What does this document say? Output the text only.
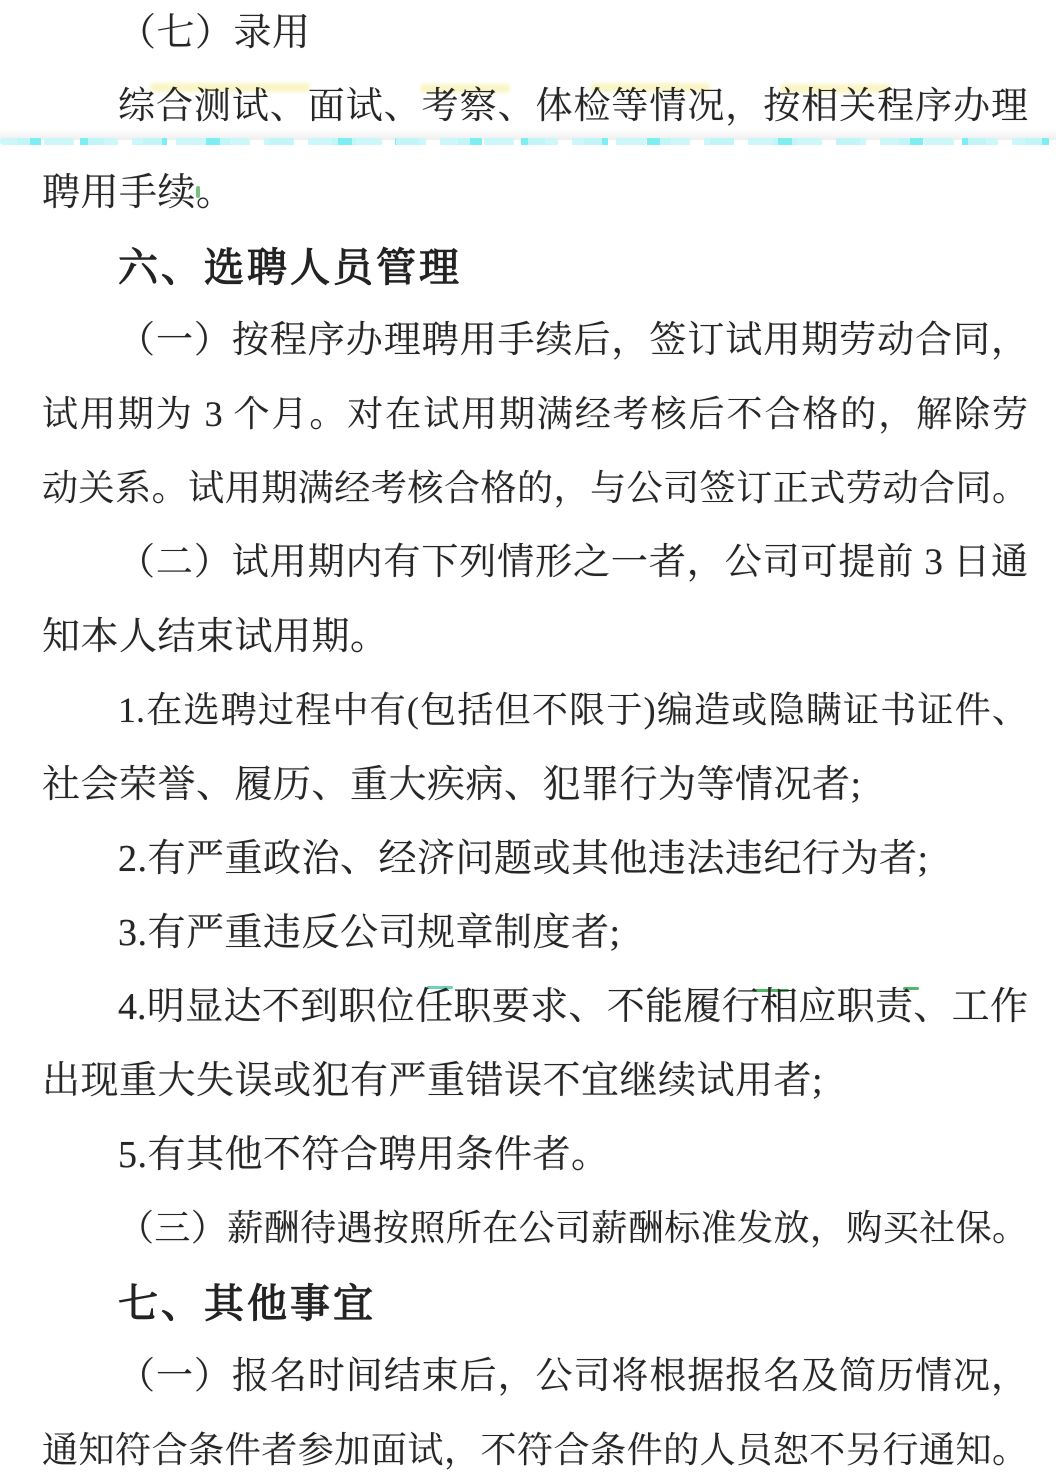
（七）录用
综合测试、面试、考察、体检等情况，按相关程序办理
聘用手续。
六、选聘人员管理
（一）按程序办理聘用手续后，签订试用期劳动合同，
试用期为 3 个月。对在试用期满经考核后不合格的，解除劳
动关系。试用期满经考核合格的，与公司签订正式劳动合同。
（二）试用期内有下列情形之一者，公司可提前 3 日通
知本人结束试用期。
1.在选聘过程中有(包括但不限于)编造或隐瞒证书证件、
社会荣誉、履历、重大疾病、犯罪行为等情况者;
2.有严重政治、经济问题或其他违法违纪行为者;
3.有严重违反公司规章制度者;
4.明显达不到职位任职要求、不能履行相应职责、工作
出现重大失误或犯有严重错误不宜继续试用者;
5.有其他不符合聘用条件者。
（三）薪酬待遇按照所在公司薪酬标准发放，购买社保。
七、其他事宜
（一）报名时间结束后，公司将根据报名及简历情况，
通知符合条件者参加面试，不符合条件的人员恕不另行通知。
